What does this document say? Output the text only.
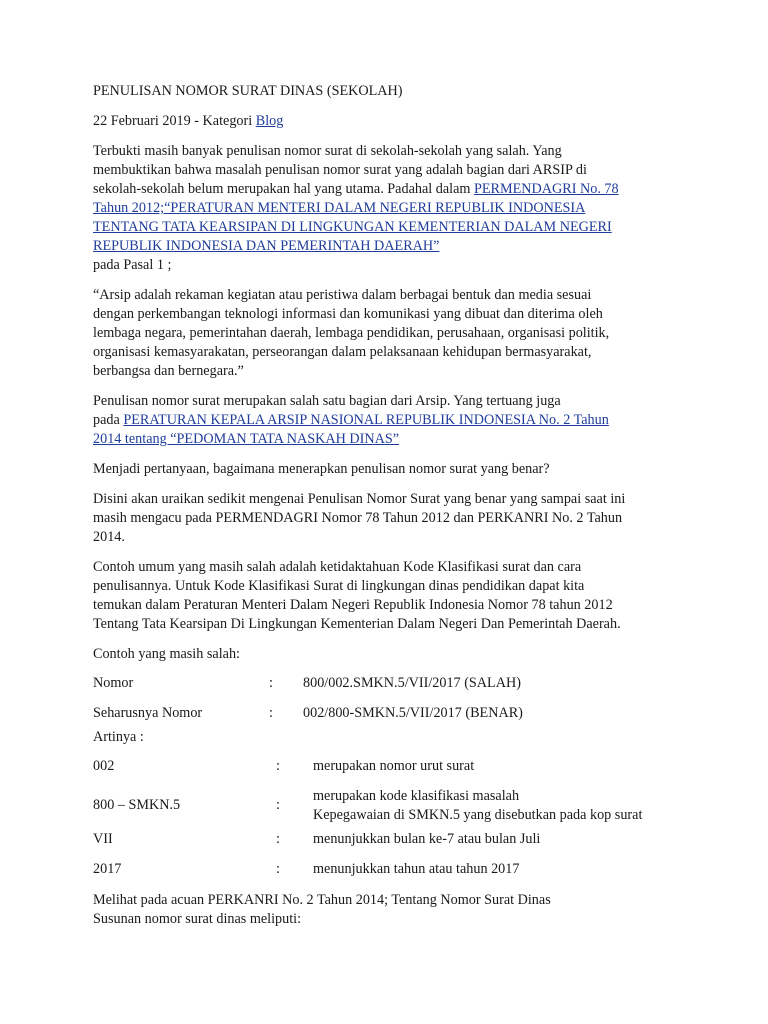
PENULISAN NOMOR SURAT DINAS (SEKOLAH)

22 Februari 2019 - Kategori Blog

Terbukti masih banyak penulisan nomor surat di sekolah-sekolah yang salah. Yang

membuktikan bahwa masalah penulisan nomor surat yang adalah bagian dari ARSIP di

sekolah-sekolah belum merupakan hal yang utama. Padahal dalam PERMENDAGRI No. 78

Tahun 2012;“PERATURAN MENTERI DALAM NEGERI REPUBLIK INDONESIA

TENTANG TATA KEARSIPAN DI LINGKUNGAN KEMENTERIAN DALAM NEGERI

REPUBLIK INDONESIA DAN PEMERINTAH DAERAH”

pada Pasal 1 ;

“Arsip adalah rekaman kegiatan atau peristiwa dalam berbagai bentuk dan media sesuai

dengan perkembangan teknologi informasi dan komunikasi yang dibuat dan diterima oleh

lembaga negara, pemerintahan daerah, lembaga pendidikan, perusahaan, organisasi politik,

organisasi kemasyarakatan, perseorangan dalam pelaksanaan kehidupan bermasyarakat,

berbangsa dan bernegara.”

Penulisan nomor surat merupakan salah satu bagian dari Arsip. Yang tertuang juga

pada PERATURAN KEPALA ARSIP NASIONAL REPUBLIK INDONESIA No. 2 Tahun

2014 tentang “PEDOMAN TATA NASKAH DINAS”

Menjadi pertanyaan, bagaimana menerapkan penulisan nomor surat yang benar?

Disini akan uraikan sedikit mengenai Penulisan Nomor Surat yang benar yang sampai saat ini

masih mengacu pada PERMENDAGRI Nomor 78 Tahun 2012 dan PERKANRI No. 2 Tahun

2014.

Contoh umum yang masih salah adalah ketidaktahuan Kode Klasifikasi surat dan cara

penulisannya. Untuk Kode Klasifikasi Surat di lingkungan dinas pendidikan dapat kita

temukan dalam Peraturan Menteri Dalam Negeri Republik Indonesia Nomor 78 tahun 2012

Tentang Tata Kearsipan Di Lingkungan Kementerian Dalam Negeri Dan Pemerintah Daerah.

Contoh yang masih salah:

Nomor	: 800/002.SMKN.5/VII/2017 (SALAH)
Seharusnya Nomor	: 002/800-SMKN.5/VII/2017 (BENAR)

Artinya :

002	: merupakan nomor urut surat
800 – SMKN.5	:
merupakan kode klasifikasi masalah
Kepegawaian di SMKN.5 yang disebutkan pada kop surat
VII	: menunjukkan bulan ke-7 atau bulan Juli
2017	: menunjukkan tahun atau tahun 2017

Melihat pada acuan PERKANRI No. 2 Tahun 2014; Tentang Nomor Surat Dinas

Susunan nomor surat dinas meliputi:
